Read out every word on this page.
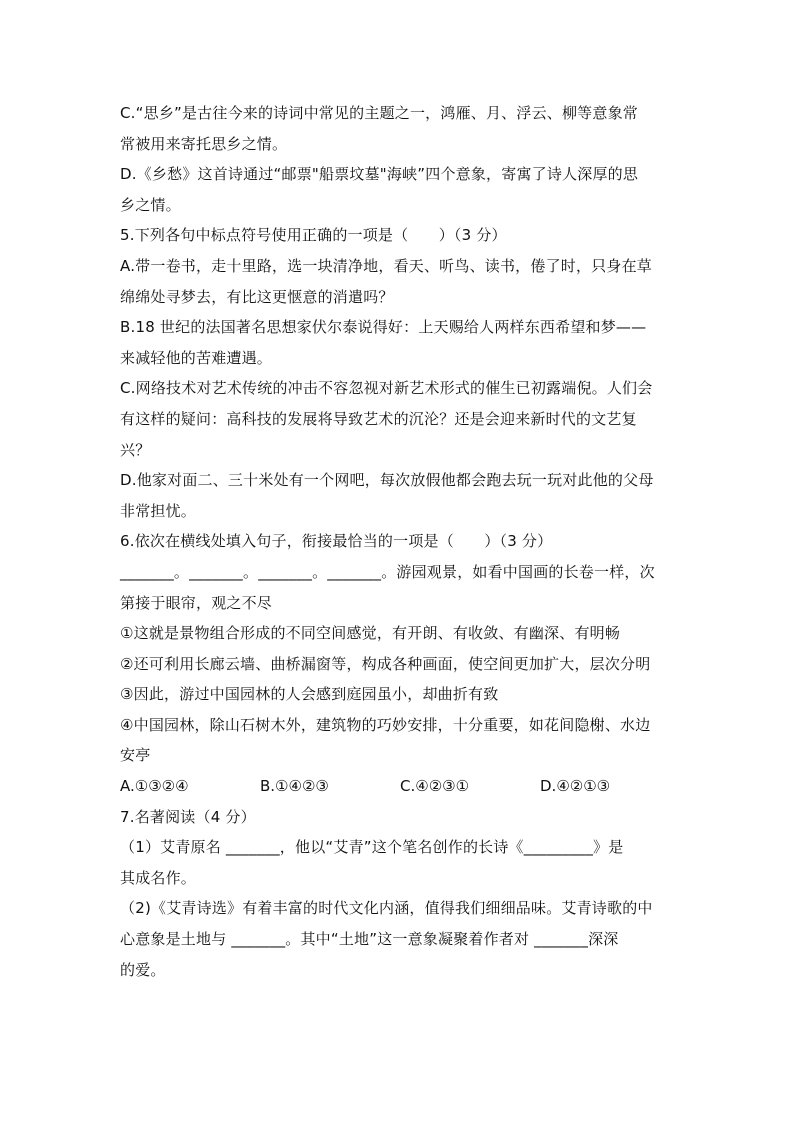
C.“思乡”是古往今来的诗词中常见的主题之一，鸿雁、月、浮云、柳等意象常
常被用来寄托思乡之情。
D.《乡愁》这首诗通过“邮票"船票坟墓"海峡”四个意象，寄寓了诗人深厚的思
乡之情。
5.下列各句中标点符号使用正确的一项是（　　）（3 分）
A.带一卷书，走十里路，选一块清净地，看天、听鸟、读书，倦了时，只身在草
绵绵处寻梦去，有比这更惬意的消遣吗？
B.18 世纪的法国著名思想家伏尔泰说得好：上天赐给人两样东西希望和梦——
来减轻他的苦难遭遇。
C.网络技术对艺术传统的冲击不容忽视对新艺术形式的催生已初露端倪。人们会
有这样的疑问：高科技的发展将导致艺术的沉沦？还是会迎来新时代的文艺复
兴？
D.他家对面二、三十米处有一个网吧，每次放假他都会跑去玩一玩对此他的父母
非常担忧。
6.依次在横线处填入句子，衔接最恰当的一项是（　　）（3 分）
_______。_______。_______。_______。游园观景，如看中国画的长卷一样，次
第接于眼帘，观之不尽
①这就是景物组合形成的不同空间感觉，有开朗、有收敛、有幽深、有明畅
②还可利用长廊云墙、曲桥漏窗等，构成各种画面，使空间更加扩大，层次分明
③因此，游过中国园林的人会感到庭园虽小，却曲折有致
④中国园林，除山石树木外，建筑物的巧妙安排，十分重要，如花间隐榭、水边
安亭
A.①③②④	B.①④②③	C.④②③①	D.④②①③
7.名著阅读（4 分）
（1）艾青原名 _______，他以“艾青”这个笔名创作的长诗《_________》是
其成名作。
（2)《艾青诗选》有着丰富的时代文化内涵，值得我们细细品味。艾青诗歌的中
心意象是土地与 _______。其中“土地”这一意象凝聚着作者对 _______深深
的爱。
